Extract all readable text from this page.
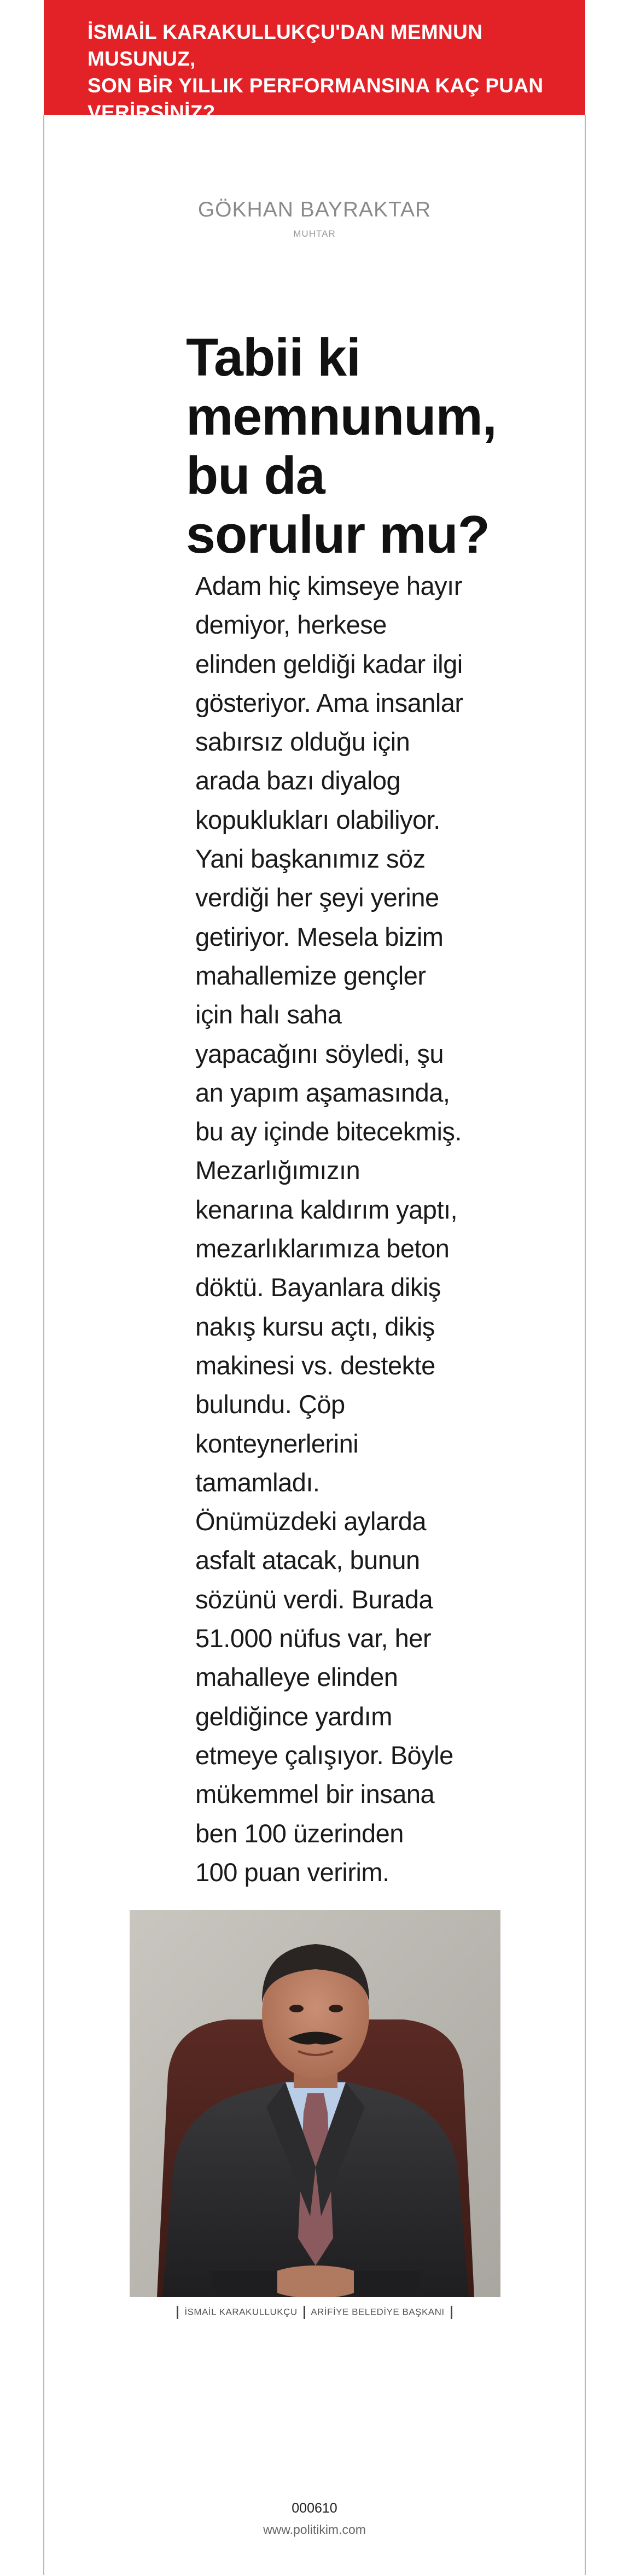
İSMAİL KARAKULLUKÇU'DAN MEMNUN MUSUNUZ,
SON BİR YILLIK PERFORMANSINA KAÇ PUAN
VERİRSİNİZ?
GÖKHAN BAYRAKTAR
MUHTAR
Tabii ki
memnunum,
bu da
sorulur mu?
Adam hiç kimseye hayır
demiyor, herkese
elinden geldiği kadar ilgi
gösteriyor. Ama insanlar
sabırsız olduğu için
arada bazı diyalog
kopuklukları olabiliyor.
Yani başkanımız söz
verdiği her şeyi yerine
getiriyor. Mesela bizim
mahallemize gençler
için halı saha
yapacağını söyledi, şu
an yapım aşamasında,
bu ay içinde bitecekmiş.
Mezarlığımızın
kenarına kaldırım yaptı,
mezarlıklarımıza beton
döktü. Bayanlara dikiş
nakış kursu açtı, dikiş
makinesi vs. destekte
bulundu. Çöp
konteynerlerini
tamamladı.
Önümüzdeki aylarda
asfalt atacak, bunun
sözünü verdi. Burada
51.000 nüfus var, her
mahalleye elinden
geldiğince yardım
etmeye çalışıyor. Böyle
mükemmel bir insana
ben 100 üzerinden
100 puan veririm.
İSMAİL KARAKULLUKÇU ARİFİYE BELEDİYE BAŞKANI
000610
www.politikim.com
